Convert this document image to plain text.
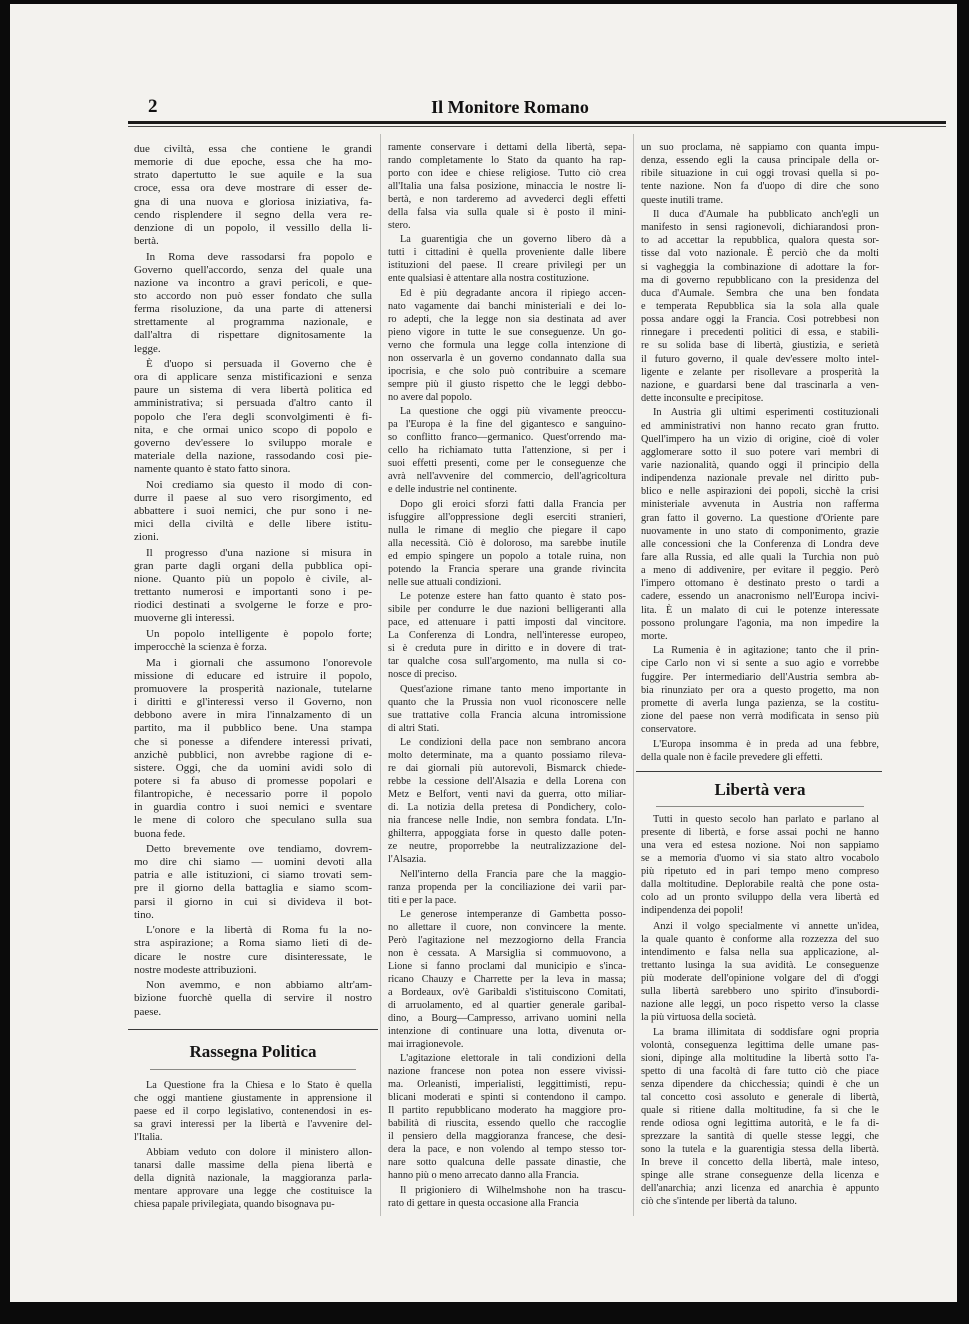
2	Il Monitore Romano
due civiltà, essa che contiene le grandi
memorie di due epoche, essa che ha mo-
strato dapertutto le sue aquile e la sua
croce, essa ora deve mostrare di esser de-
gna di una nuova e gloriosa iniziativa, fa-
cendo risplendere il segno della vera re-
denzione di un popolo, il vessillo della li-
bertà.
In Roma deve rassodarsi fra popolo e
Governo quell'accordo, senza del quale una
nazione va incontro a gravi pericoli, e que-
sto accordo non può esser fondato che sulla
ferma risoluzione, da una parte di attenersi
strettamente al programma nazionale, e
dall'altra di rispettare dignitosamente la
legge.
È d'uopo si persuada il Governo che è
ora di applicare senza mistificazioni e senza
paure un sistema di vera libertà politica ed
amministrativa; si persuada d'altro canto il
popolo che l'era degli sconvolgimenti è fi-
nita, e che ormai unico scopo di popolo e
governo dev'essere lo sviluppo morale e
materiale della nazione, rassodando così pie-
namente quanto è stato fatto sinora.
Noi crediamo sia questo il modo di con-
durre il paese al suo vero risorgimento, ed
abbattere i suoi nemici, che pur sono i ne-
mici della civiltà e delle libere istitu-
zioni.
Il progresso d'una nazione si misura in
gran parte dagli organi della pubblica opi-
nione. Quanto più un popolo è civile, al-
trettanto numerosi e importanti sono i pe-
riodici destinati a svolgerne le forze e pro-
muoverne gli interessi.
Un popolo intelligente è popolo forte;
imperocchè la scienza è forza.
Ma i giornali che assumono l'onorevole
missione di educare ed istruire il popolo,
promuovere la prosperità nazionale, tutelarne
i diritti e gl'interessi verso il Governo, non
debbono avere in mira l'innalzamento di un
partito, ma il pubblico bene. Una stampa
che si ponesse a difendere interessi privati,
anzichè pubblici, non avrebbe ragione di e-
sistere. Oggi, che da uomini avidi solo di
potere si fa abuso di promesse popolari e
filantropiche, è necessario porre il popolo
in guardia contro i suoi nemici e sventare
le mene di coloro che speculano sulla sua
buona fede.
Detto brevemente ove tendiamo, dovrem-
mo dire chi siamo — uomini devoti alla
patria e alle istituzioni, ci siamo trovati sem-
pre il giorno della battaglia e siamo scom-
parsi il giorno in cui si divideva il bot-
tino.
L'onore e la libertà di Roma fu la no-
stra aspirazione; a Roma siamo lieti di de-
dicare le nostre cure disinteressate, le
nostre modeste attribuzioni.
Non avemmo, e non abbiamo altr'am-
bizione fuorchè quella di servire il nostro
paese.
Rassegna Politica
La Questione fra la Chiesa e lo Stato è quella
che oggi mantiene giustamente in apprensione il
paese ed il corpo legislativo, contenendosi in es-
sa gravi interessi per la libertà e l'avvenire del-
l'Italia.
Abbiam veduto con dolore il ministero allon-
tanarsi dalle massime della piena libertà e
della dignità nazionale, la maggioranza parla-
mentare approvare una legge che costituisce la
chiesa papale privilegiata, quando bisognava pu-
ramente conservare i dettami della libertà, sepa-
rando completamente lo Stato da quanto ha rap-
porto con idee e chiese religiose. Tutto ciò crea
all'Italia una falsa posizione, minaccia le nostre li-
bertà, e non tarderemo ad avvederci degli effetti
della falsa via sulla quale si è posto il mini-
stero.
La guarentigia che un governo libero dà a
tutti i cittadini è quella proveniente dalle libere
istituzioni del paese. Il creare privilegi per un
ente qualsiasi è attentare alla nostra costituzione.
Ed è più degradante ancora il ripiego accen-
nato vagamente dai banchi ministeriali e dei lo-
ro adepti, che la legge non sia destinata ad aver
pieno vigore in tutte le sue conseguenze. Un go-
verno che formula una legge colla intenzione di
non osservarla è un governo condannato dalla sua
ipocrisia, e che solo può contribuire a scemare
sempre più il giusto rispetto che le leggi debbo-
no avere dal popolo.
La questione che oggi più vivamente preoccu-
pa l'Europa è la fine del gigantesco e sanguino-
so conflitto franco—germanico. Quest'orrendo ma-
cello ha richiamato tutta l'attenzione, sì per i
suoi effetti presenti, come per le conseguenze che
avrà nell'avvenire del commercio, dell'agricoltura
e delle industrie nel continente.
Dopo gli eroici sforzi fatti dalla Francia per
isfuggire all'oppressione degli eserciti stranieri,
nulla le rimane di meglio che piegare il capo
alla necessità. Ciò è doloroso, ma sarebbe inutile
ed empio spingere un popolo a totale ruina, non
potendo la Francia sperare una grande rivincita
nelle sue attuali condizioni.
Le potenze estere han fatto quanto è stato pos-
sibile per condurre le due nazioni belligeranti alla
pace, ed attenuare i patti imposti dal vincitore.
La Conferenza di Londra, nell'interesse europeo,
si è creduta pure in diritto e in dovere di trat-
tar qualche cosa sull'argomento, ma nulla si co-
nosce di preciso.
Quest'azione rimane tanto meno importante in
quanto che la Prussia non vuol riconoscere nelle
sue trattative colla Francia alcuna intromissione
di altri Stati.
Le condizioni della pace non sembrano ancora
molto determinate, ma a quanto possiamo rileva-
re dai giornali più autorevoli, Bismarck chiede-
rebbe la cessione dell'Alsazia e della Lorena con
Metz e Belfort, venti navi da guerra, otto miliar-
di. La notizia della pretesa di Pondichery, colo-
nia francese nelle Indie, non sembra fondata. L'In-
ghilterra, appoggiata forse in questo dalle poten-
ze neutre, proporrebbe la neutralizzazione del-
l'Alsazia.
Nell'interno della Francia pare che la maggio-
ranza propenda per la conciliazione dei varii par-
titi e per la pace.
Le generose intemperanze di Gambetta posso-
no allettare il cuore, non convincere la mente.
Però l'agitazione nel mezzogiorno della Francia
non è cessata. A Marsiglia si commuovono, a
Lione si fanno proclami dal municipio e s'inca-
ricano Chauzy e Charrette per la leva in massa;
a Bordeaux, ov'è Garibaldi s'istituiscono Comitati,
di arruolamento, ed al quartier generale garibal-
dino, a Bourg—Campresso, arrivano uomini nella
intenzione di continuare una lotta, divenuta or-
mai irragionevole.
L'agitazione elettorale in tali condizioni della
nazione francese non potea non essere vivissi-
ma. Orleanisti, imperialisti, leggittimisti, repu-
blicani moderati e spinti si contendono il campo.
Il partito repubblicano moderato ha maggiore pro-
babilità di riuscita, essendo quello che raccoglie
il pensiero della maggioranza francese, che desi-
dera la pace, e non volendo al tempo stesso tor-
nare sotto qualcuna delle passate dinastie, che
hanno più o meno arrecato danno alla Francia.
Il prigioniero di Wilhelmshohe non ha trascu-
rato di gettare in questa occasione alla Francia
un suo proclama, nè sappiamo con quanta impu-
denza, essendo egli la causa principale della or-
ribile situazione in cui oggi trovasi quella si po-
tente nazione. Non fa d'uopo di dire che sono
queste inutili trame.
Il duca d'Aumale ha pubblicato anch'egli un
manifesto in sensi ragionevoli, dichiarandosi pron-
to ad accettar la repubblica, qualora questa sor-
tisse dal voto nazionale. È perciò che da molti
si vagheggia la combinazione di adottare la for-
ma di governo repubblicano con la presidenza del
duca d'Aumale. Sembra che una ben fondata
e temperata Repubblica sia la sola alla quale
possa andare oggi la Francia. Così potrebbesi non
rinnegare i precedenti politici di essa, e stabili-
re su solida base di libertà, giustizia, e serietà
il futuro governo, il quale dev'essere molto intel-
ligente e zelante per risollevare a prosperità la
nazione, e guardarsi bene dal trascinarla a ven-
dette inconsulte e precipitose.
In Austria gli ultimi esperimenti costituzionali
ed amministrativi non hanno recato gran frutto.
Quell'impero ha un vizio di origine, cioè di voler
agglomerare sotto il suo potere vari membri di
varie nazionalità, quando oggi il principio della
indipendenza nazionale prevale nel diritto pub-
blico e nelle aspirazioni dei popoli, sicchè la crisi
ministeriale avvenuta in Austria non rafferma
gran fatto il governo. La questione d'Oriente pare
nuovamente in uno stato di componimento, grazie
alle concessioni che la Conferenza di Londra deve
fare alla Russia, ed alle quali la Turchia non può
a meno di addivenire, per evitare il peggio. Però
l'impero ottomano è destinato presto o tardi a
cadere, essendo un anacronismo nell'Europa incivi-
lita. È un malato di cui le potenze interessate
possono prolungare l'agonia, ma non impedire la
morte.
La Rumenia è in agitazione; tanto che il prin-
cipe Carlo non vi si sente a suo agio e vorrebbe
fuggire. Per intermediario dell'Austria sembra ab-
bia rinunziato per ora a questo progetto, ma non
promette di averla lunga pazienza, se la costitu-
zione del paese non verrà modificata in senso più
conservatore.
L'Europa insomma è in preda ad una febbre,
della quale non è facile prevedere gli effetti.
Libertà vera
Tutti in questo secolo han parlato e parlano al
presente di libertà, e forse assai pochi ne hanno
una vera ed estesa nozione. Noi non sappiamo
se a memoria d'uomo vi sia stato altro vocabolo
più ripetuto ed in pari tempo meno compreso
dalla moltitudine. Deplorabile realtà che pone osta-
colo ad un pronto sviluppo della vera libertà ed
indipendenza dei popoli!
Anzi il volgo specialmente vi annette un'idea,
la quale quanto è conforme alla rozzezza del suo
intendimento e falsa nella sua applicazione, al-
trettanto lusinga la sua avidità. Le conseguenze
più moderate dell'opinione volgare del dì d'oggi
sulla libertà sarebbero uno spirito d'insubordi-
nazione alle leggi, un poco rispetto verso la classe
la più virtuosa della società.
La brama illimitata di soddisfare ogni propria
volontà, conseguenza legittima delle umane pas-
sioni, dipinge alla moltitudine la libertà sotto l'a-
spetto di una facoltà di fare tutto ciò che piace
senza dipendere da chicchessia; quindi è che un
tal concetto così assoluto e generale di libertà,
quale si ritiene dalla moltitudine, fa sì che le
rende odiosa ogni legittima autorità, e le fa di-
sprezzare la santità di quelle stesse leggi, che
sono la tutela e la guarentigia stessa della libertà.
In breve il concetto della libertà, male inteso,
spinge alle strane conseguenze della licenza e
dell'anarchia; anzi licenza ed anarchia è appunto
ciò che s'intende per libertà da taluno.
